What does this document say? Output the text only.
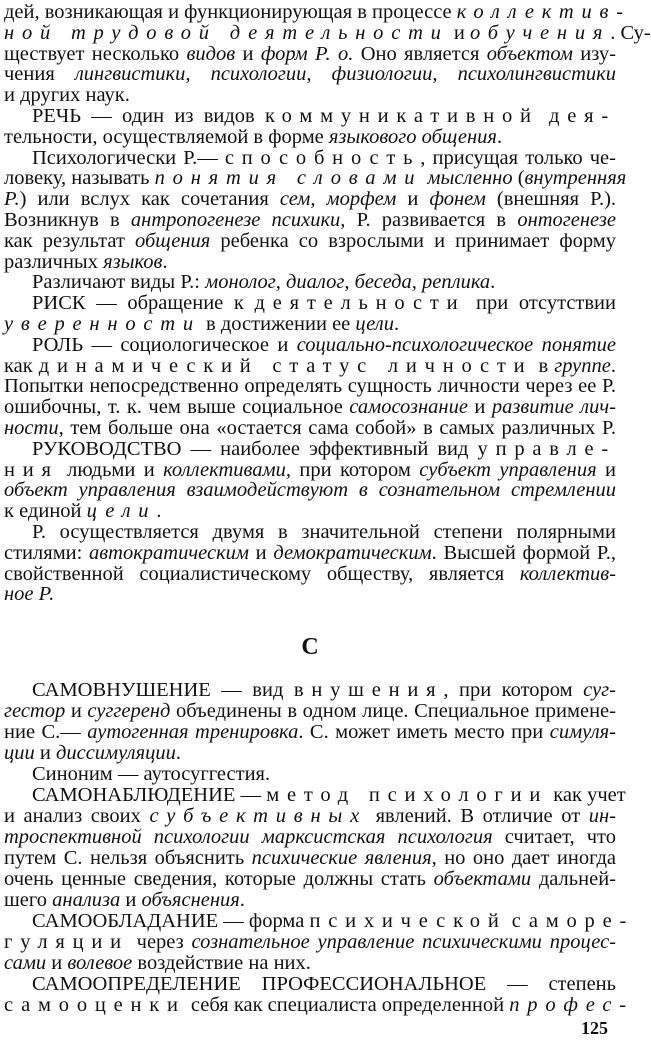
дей, возникающая и функционирующая в процессе коллектив-
ной трудовой деятельности и обучения. Су-
ществует несколько видов и форм Р. о. Оно является объектом изу-
чения лингвистики, психологии, физиологии, психолингвистики
и других наук.
РЕЧЬ — один из видов коммуникативной дея-
тельности, осуществляемой в форме языкового общения.
Психологически Р.— способность, присущая только че-
ловеку, называть понятия словами мысленно (внутренняя
Р.) или вслух как сочетания сем, морфем и фонем (внешняя Р.).
Возникнув в антропогенезе психики, Р. развивается в онтогенезе
как результат общения ребенка со взрослыми и принимает форму
различных языков.
Различают виды Р.: монолог, диалог, беседа, реплика.
РИСК — обращение к деятельности при отсутствии
уверенности в достижении ее цели.
РОЛЬ — социологическое и социально-психологическое понятие
как динамический статус личности в группе.
Попытки непосредственно определять сущность личности через ее Р.
ошибочны, т. к. чем выше социальное самосознание и развитие лич-
ности, тем больше она «остается сама собой» в самых различных Р.
РУКОВОДСТВО — наиболее эффективный вид управле-
ния людьми и коллективами, при котором субъект управления и
объект управления взаимодействуют в сознательном стремлении
к единой цели.
Р. осуществляется двумя в значительной степени полярными
С
125
стилями: автократическим и демократическим. Высшей формой Р.,
свойственной социалистическому обществу, является коллектив-
ное Р.
САМОВНУШЕНИЕ — вид внушения, при котором суг-
гестор и суггеренд объединены в одном лице. Специальное примене-
ние С.— аутогенная тренировка. С. может иметь место при симуля-
ции и диссимуляции.
Синоним — аутосуггестия.
САМОНАБЛЮДЕНИЕ — метод психологии как учет
и анализ своих субъективных явлений. В отличие от ин-
троспективной психологии марксистская психология считает, что
путем С. нельзя объяснить психические явления, но оно дает иногда
очень ценные сведения, которые должны стать объектами дальней-
шего анализа и объяснения.
САМООБЛАДАНИЕ — форма психической саморе-
гуляции через сознательное управление психическими процес-
сами и волевое воздействие на них.
САМООПРЕДЕЛЕНИЕ ПРОФЕССИОНАЛЬНОЕ — степень
самооценки себя как специалиста определенной профес-
